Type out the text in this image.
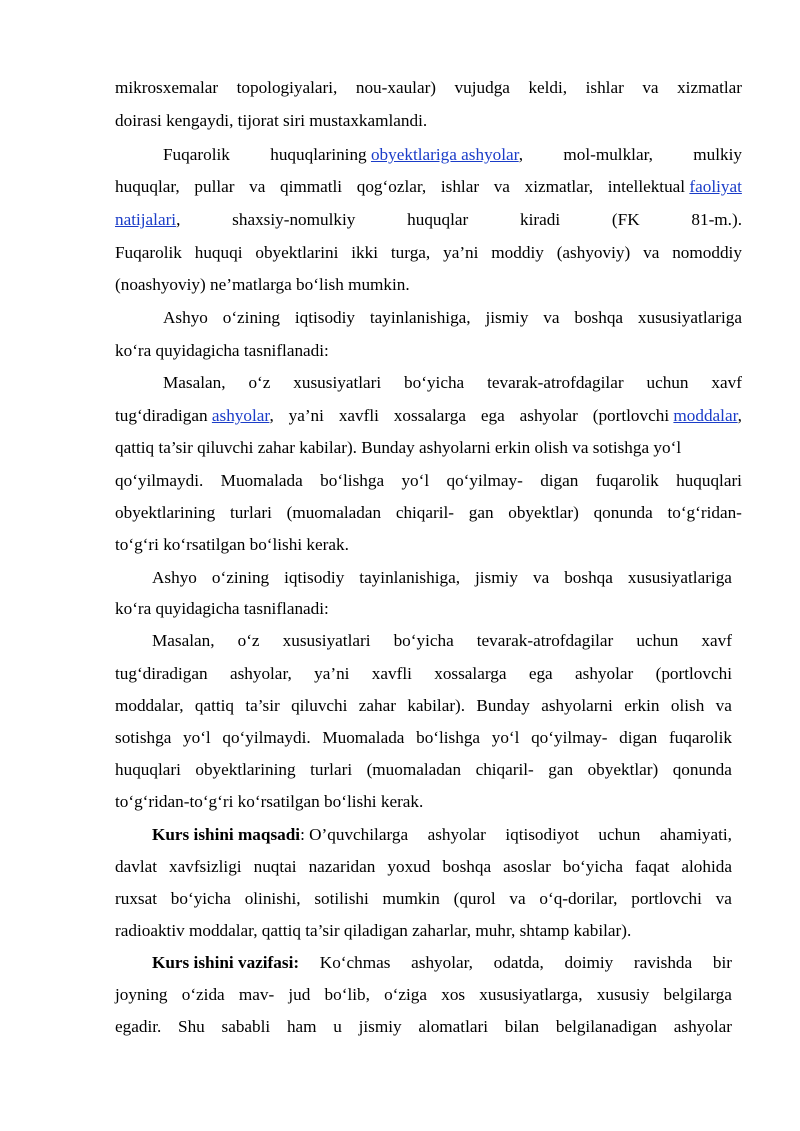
mikrosxemalar topologiyalari, nou-xaular) vujudga keldi, ishlar va xizmatlar
doirasi kengaydi, tijorat siri mustaxkamlandi.
Fuqarolik huquqlarining obyektlariga ashyolar, mol-mulklar, mulkiy
huquqlar, pullar va qimmatli qog‘ozlar, ishlar va xizmatlar, intellektual faoliyat
natijalari,	shaxsiy-nomulkiy	huquqlar	kiradi	(FK	81-m.).
Fuqarolik huquqi obyektlarini ikki turga, ya’ni moddiy (ashyoviy) va nomoddiy
(noashyoviy) ne’matlarga bo‘lish mumkin.
Ashyo o‘zining iqtisodiy tayinlanishiga, jismiy va boshqa xususiyatlariga
ko‘ra quyidagicha tasniflanadi:
Masalan, o‘z xususiyatlari bo‘yicha tevarak-atrofdagilar uchun xavf
tug‘diradigan ashyolar, ya’ni xavfli xossalarga ega ashyolar (portlovchi moddalar,
qattiq ta’sir qiluvchi zahar kabilar). Bunday ashyolarni erkin olish va sotishga yo‘l
qo‘yilmaydi. Muomalada bo‘lishga yo‘l qo‘yilmay- digan fuqarolik huquqlari
obyektlarining turlari (muomaladan chiqaril- gan obyektlar) qonunda to‘g‘ridan-
to‘g‘ri ko‘rsatilgan bo‘lishi kerak.
Ashyo o‘zining iqtisodiy tayinlanishiga, jismiy va boshqa xususiyatlariga
ko‘ra quyidagicha tasniflanadi:
Masalan, o‘z xususiyatlari bo‘yicha tevarak-atrofdagilar uchun xavf
tug‘diradigan ashyolar, ya’ni xavfli xossalarga ega ashyolar (portlovchi
moddalar, qattiq ta’sir qiluvchi zahar kabilar). Bunday ashyolarni erkin olish va
sotishga yo‘l qo‘yilmaydi. Muomalada bo‘lishga yo‘l qo‘yilmay- digan fuqarolik
huquqlari obyektlarining turlari (muomaladan chiqaril- gan obyektlar) qonunda
to‘g‘ridan-to‘g‘ri ko‘rsatilgan bo‘lishi kerak.
Kurs ishini maqsadi: O’quvchilarga ashyolar iqtisodiyot uchun ahamiyati,
davlat xavfsizligi nuqtai nazaridan yoxud boshqa asoslar bo‘yicha faqat alohida
ruxsat bo‘yicha olinishi, sotilishi mumkin (qurol va o‘q-dorilar, portlovchi va
radioaktiv moddalar, qattiq ta’sir qiladigan zaharlar, muhr, shtamp kabilar).
Kurs ishini vazifasi: Ko‘chmas ashyolar, odatda, doimiy ravishda bir
joyning o‘zida mav- jud bo‘lib, o‘ziga xos xususiyatlarga, xususiy belgilarga
egadir. Shu sababli ham u jismiy alomatlari bilan belgilanadigan ashyolar
